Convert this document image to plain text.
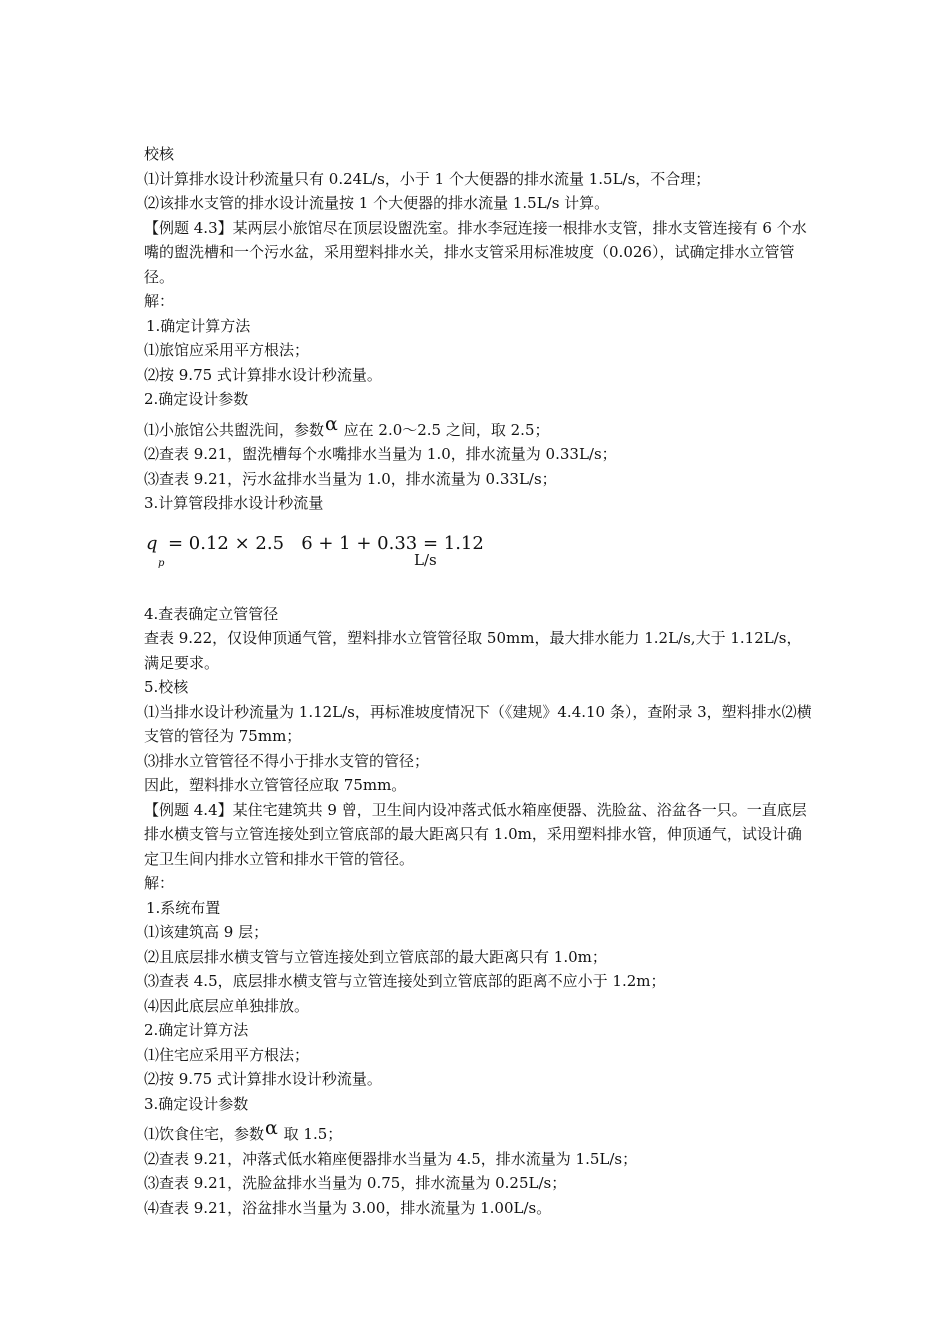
校核

⑴计算排水设计秒流量只有 0.24L/s，小于 1 个大便器的排水流量 1.5L/s，不合理；

⑵该排水支管的排水设计流量按 1 个大便器的排水流量 1.5L/s 计算。

【例题 4.3】某两层小旅馆尽在顶层设盥洗室。排水李冠连接一根排水支管，排水支管连接有 6 个水嘴的盥洗槽和一个污水盆，采用塑料排水关，排水支管采用标准坡度（0.026），试确定排水立管管径。

解：

1.确定计算方法

⑴旅馆应采用平方根法；

⑵按 9.75 式计算排水设计秒流量。

2.确定设计参数

⑴小旅馆公共盥洗间，参数α 应在 2.0～2.5 之间，取 2.5；

⑵查表 9.21，盥洗槽每个水嘴排水当量为 1.0，排水流量为 0.33L/s；

⑶查表 9.21，污水盆排水当量为 1.0，排水流量为 0.33L/s；

3.计算管段排水设计秒流量

q
p
= 0.12 × 2.5   6 + 1 + 0.33 = 1.12
L/s

4.查表确定立管管径

查表 9.22，仅设伸顶通气管，塑料排水立管管径取 50mm，最大排水能力 1.2L/s,大于 1.12L/s，满足要求。

5.校核

⑴当排水设计秒流量为 1.12L/s，再标准坡度情况下（《建规》4.4.10 条），查附录 3，塑料排水⑵横支管的管径为 75mm；

⑶排水立管管径不得小于排水支管的管径；

因此，塑料排水立管管径应取 75mm。

【例题 4.4】某住宅建筑共 9 曾，卫生间内设冲落式低水箱座便器、洗脸盆、浴盆各一只。一直底层排水横支管与立管连接处到立管底部的最大距离只有 1.0m，采用塑料排水管，伸顶通气，试设计确定卫生间内排水立管和排水干管的管径。

解：

1.系统布置

⑴该建筑高 9 层；

⑵且底层排水横支管与立管连接处到立管底部的最大距离只有 1.0m；

⑶查表 4.5，底层排水横支管与立管连接处到立管底部的距离不应小于 1.2m；

⑷因此底层应单独排放。

2.确定计算方法

⑴住宅应采用平方根法；

⑵按 9.75 式计算排水设计秒流量。

3.确定设计参数

⑴饮食住宅，参数α 取 1.5；

⑵查表 9.21，冲落式低水箱座便器排水当量为 4.5，排水流量为 1.5L/s；

⑶查表 9.21，洗脸盆排水当量为 0.75，排水流量为 0.25L/s；

⑷查表 9.21，浴盆排水当量为 3.00，排水流量为 1.00L/s。
